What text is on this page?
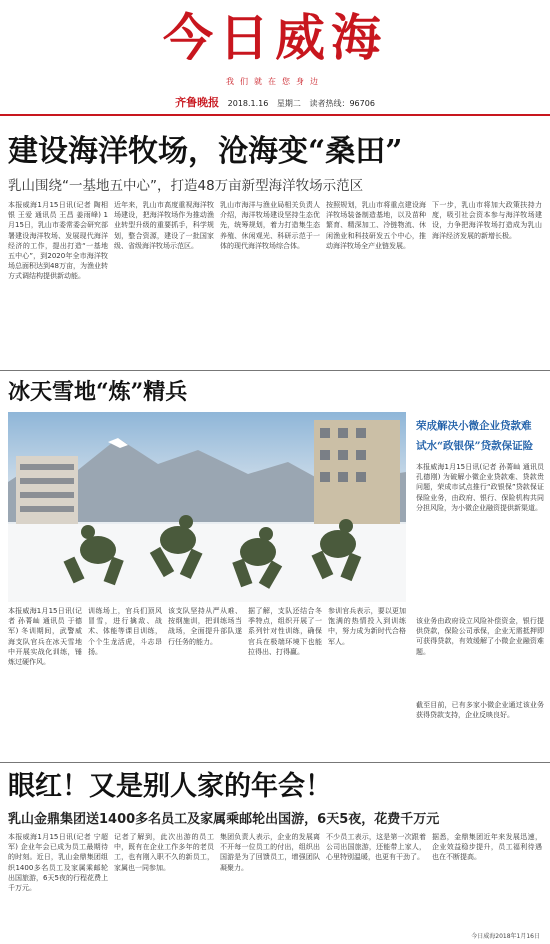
今日威海
我们就在您身边
齐鲁晚报 2018.1.16 星期二 读者热线：96706
建设海洋牧场，沧海变“桑田”
乳山围绕“一基地五中心”，打造48万亩新型海洋牧场示范区
本报威海1月15日讯(记者 陶相银 王爱 通讯员 王昌 姜雨峰) 1月15日，乳山市委常委会研究部署建设海洋牧场、发展现代海洋经济的工作，提出打造“一基地五中心”，到2020年全市海洋牧场总面积达到48万亩，为渔业转方式调结构提供新动能。
近年来，乳山市高度重视海洋牧场建设，把海洋牧场作为推动渔业转型升级的重要抓手，科学规划，整合资源，建设了一批国家级、省级海洋牧场示范区。
乳山市海洋与渔业局相关负责人介绍，海洋牧场建设坚持生态优先，统筹规划，着力打造集生态养殖、休闲观光、科研示范于一体的现代海洋牧场综合体。
按照规划，乳山市将重点建设海洋牧场装备制造基地，以及苗种繁育、精深加工、冷链物流、休闲渔业和科技研发五个中心，推动海洋牧场全产业链发展。
下一步，乳山市将加大政策扶持力度，吸引社会资本参与海洋牧场建设，力争把海洋牧场打造成为乳山海洋经济发展的新增长极。
冰天雪地“炼”精兵
本报威海1月15日讯(记者 孙菁屾 通讯员 于德军) 冬训期间，武警威海支队官兵在冰天雪地中开展实战化训练，锤炼过硬作风。
训练场上，官兵们顶风冒雪，进行擒敌、战术、体能等课目训练，个个生龙活虎，斗志昂扬。
该支队坚持从严从难、按纲施训，把训练场当战场，全面提升部队遂行任务的能力。
据了解，支队还结合冬季特点，组织开展了一系列针对性训练，确保官兵在极端环境下也能拉得出、打得赢。
参训官兵表示，要以更加饱满的热情投入到训练中，努力成为新时代合格军人。
荣成解决小微企业贷款难 试水“政银保”贷款保证险
本报威海1月15日讯(记者 孙菁屾 通讯员 孔德刚) 为破解小微企业贷款难、贷款贵问题，荣成市试点推行“政银保”贷款保证保险业务，由政府、银行、保险机构共同分担风险，为小微企业融资提供新渠道。
该业务由政府设立风险补偿资金，银行提供贷款，保险公司承保，企业无需抵押即可获得贷款，有效缓解了小微企业融资难题。
截至目前，已有多家小微企业通过该业务获得贷款支持，企业反映良好。
眼红！又是别人家的年会！
乳山金鼎集团送1400多名员工及家属乘邮轮出国游，6天5夜，花费千万元
本报威海1月15日讯(记者 宁超军) 企业年会已成为员工最期待的时刻。近日，乳山金鼎集团组织1400多名员工及家属乘邮轮出国旅游，6天5夜的行程花费上千万元。
记者了解到，此次出游的员工中，既有在企业工作多年的老员工，也有刚入职不久的新员工，家属也一同参加。
集团负责人表示，企业的发展离不开每一位员工的付出，组织出国游是为了回馈员工，增强团队凝聚力。
不少员工表示，这是第一次跟着公司出国旅游，还能带上家人，心里特别温暖，也更有干劲了。
据悉，金鼎集团近年来发展迅速，企业效益稳步提升，员工福利待遇也在不断提高。
今日威海2018年1月16日
